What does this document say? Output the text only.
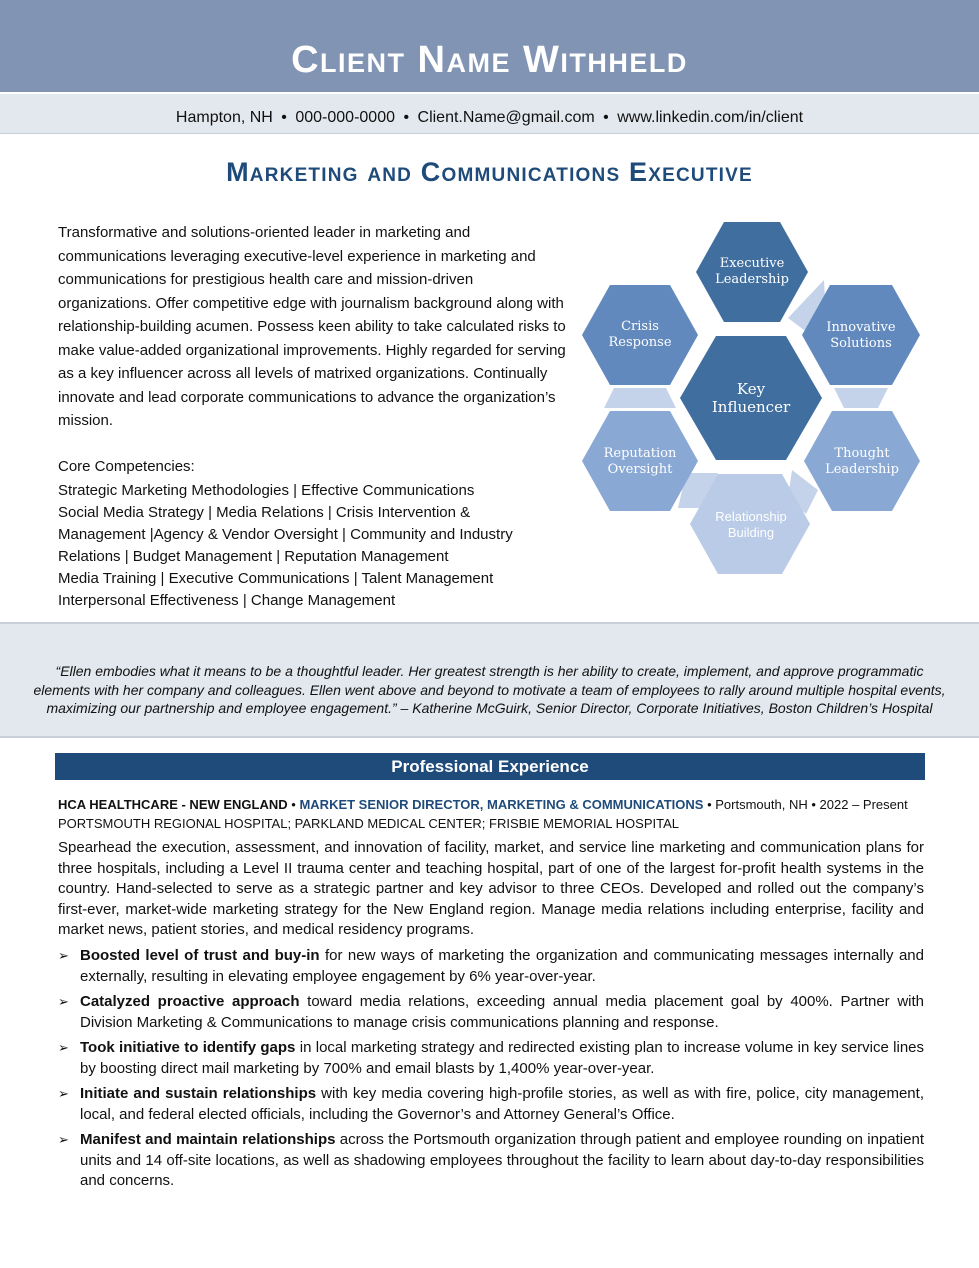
Client Name Withheld
Hampton, NH • 000-000-0000 • Client.Name@gmail.com • www.linkedin.com/in/client
Marketing and Communications Executive

Transformative and solutions-oriented leader in marketing and communications leveraging executive-level experience in marketing and communications for prestigious health care and mission-driven organizations. Offer competitive edge with journalism background along with relationship-building acumen. Possess keen ability to take calculated risks to make value-added organizational improvements. Highly regarded for serving as a key influencer across all levels of matrixed organizations. Continually innovate and lead corporate communications to advance the organization’s mission.

Core Competencies:
Strategic Marketing Methodologies | Effective Communications
Social Media Strategy | Media Relations | Crisis Intervention & Management |Agency & Vendor Oversight | Community and Industry Relations | Budget Management | Reputation Management
Media Training | Executive Communications | Talent Management
Interpersonal Effectiveness | Change Management
Executive
Leadership
Crisis
Response
Innovative
Solutions
Key
Influencer
Reputation
Oversight
Thought
Leadership
Relationship
Building

“Ellen embodies what it means to be a thoughtful leader. Her greatest strength is her ability to create, implement, and approve programmatic elements with her company and colleagues. Ellen went above and beyond to motivate a team of employees to rally around multiple hospital events, maximizing our partnership and employee engagement.” – Katherine McGuirk, Senior Director, Corporate Initiatives, Boston Children’s Hospital

Professional Experience
HCA HEALTHCARE - NEW ENGLAND • MARKET SENIOR DIRECTOR, MARKETING & COMMUNICATIONS • Portsmouth, NH • 2022 – Present
PORTSMOUTH REGIONAL HOSPITAL; PARKLAND MEDICAL CENTER; FRISBIE MEMORIAL HOSPITAL

Spearhead the execution, assessment, and innovation of facility, market, and service line marketing and communication plans for three hospitals, including a Level II trauma center and teaching hospital, part of one of the largest for-profit health systems in the country. Hand-selected to serve as a strategic partner and key advisor to three CEOs. Developed and rolled out the company’s first-ever, market-wide marketing strategy for the New England region. Manage media relations including enterprise, facility and market news, patient stories, and medical residency programs.

➢ Boosted level of trust and buy-in for new ways of marketing the organization and communicating messages internally and externally, resulting in elevating employee engagement by 6% year-over-year.
➢ Catalyzed proactive approach toward media relations, exceeding annual media placement goal by 400%. Partner with Division Marketing & Communications to manage crisis communications planning and response.
➢ Took initiative to identify gaps in local marketing strategy and redirected existing plan to increase volume in key service lines by boosting direct mail marketing by 700% and email blasts by 1,400% year-over-year.
➢ Initiate and sustain relationships with key media covering high-profile stories, as well as with fire, police, city management, local, and federal elected officials, including the Governor’s and Attorney General’s Office.
➢ Manifest and maintain relationships across the Portsmouth organization through patient and employee rounding on inpatient units and 14 off-site locations, as well as shadowing employees throughout the facility to learn about day-to-day responsibilities and concerns.
